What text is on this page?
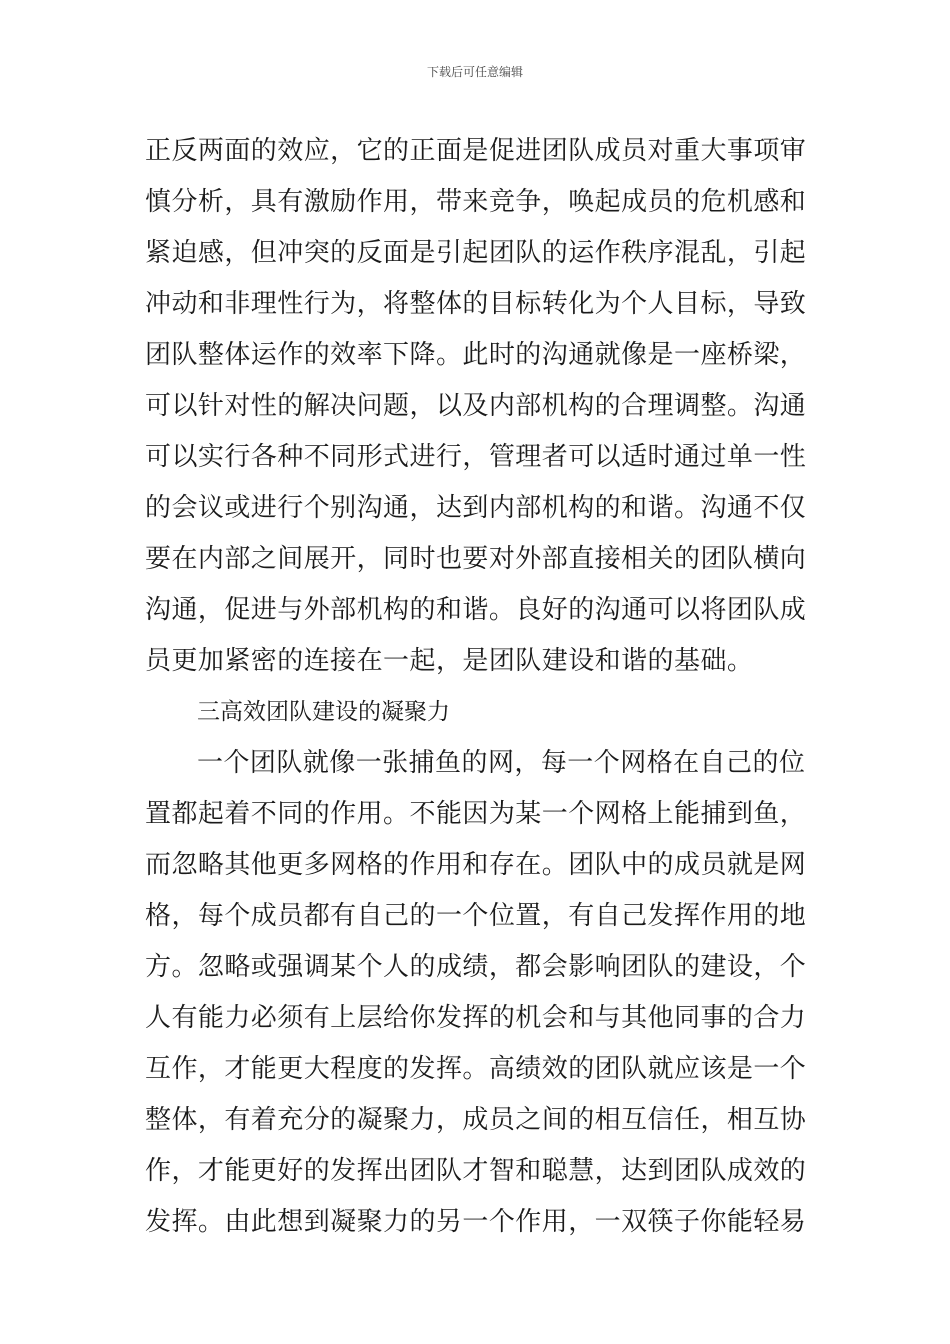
下载后可任意编辑
正反两面的效应，它的正面是促进团队成员对重大事项审
慎分析，具有激励作用，带来竞争，唤起成员的危机感和
紧迫感，但冲突的反面是引起团队的运作秩序混乱，引起
冲动和非理性行为，将整体的目标转化为个人目标，导致
团队整体运作的效率下降。此时的沟通就像是一座桥梁，
可以针对性的解决问题，以及内部机构的合理调整。沟通
可以实行各种不同形式进行，管理者可以适时通过单一性
的会议或进行个别沟通，达到内部机构的和谐。沟通不仅
要在内部之间展开，同时也要对外部直接相关的团队横向
沟通，促进与外部机构的和谐。良好的沟通可以将团队成
员更加紧密的连接在一起，是团队建设和谐的基础。
三高效团队建设的凝聚力
一个团队就像一张捕鱼的网，每一个网格在自己的位
置都起着不同的作用。不能因为某一个网格上能捕到鱼，
而忽略其他更多网格的作用和存在。团队中的成员就是网
格，每个成员都有自己的一个位置，有自己发挥作用的地
方。忽略或强调某个人的成绩，都会影响团队的建设，个
人有能力必须有上层给你发挥的机会和与其他同事的合力
互作，才能更大程度的发挥。高绩效的团队就应该是一个
整体，有着充分的凝聚力，成员之间的相互信任，相互协
作，才能更好的发挥出团队才智和聪慧，达到团队成效的
发挥。由此想到凝聚力的另一个作用，一双筷子你能轻易
